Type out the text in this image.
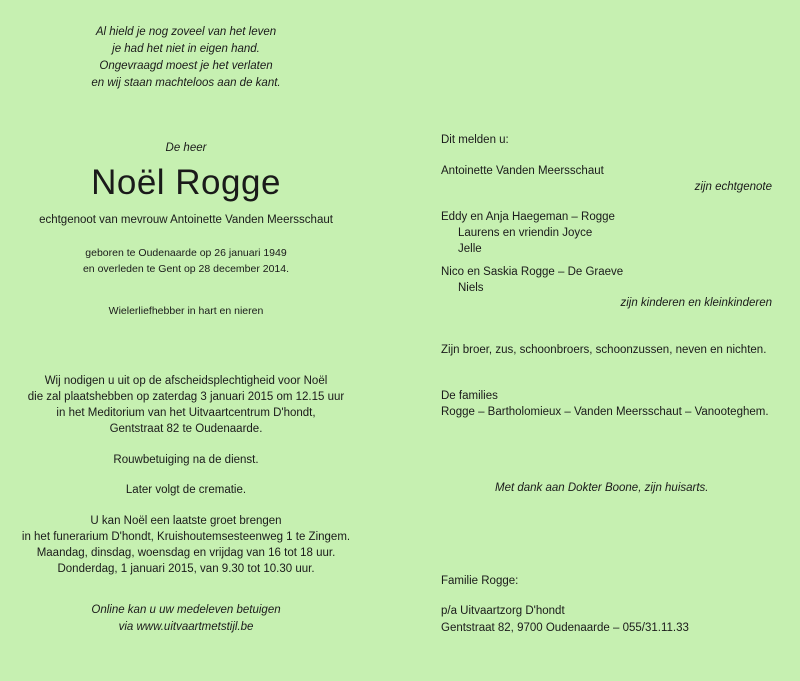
Al hield je nog zoveel van het leven
je had het niet in eigen hand.
Ongevraagd moest je het verlaten
en wij staan machteloos aan de kant.
De heer
Noël Rogge
echtgenoot van mevrouw Antoinette Vanden Meersschaut
geboren te Oudenaarde op 26 januari 1949
en overleden te Gent op 28 december 2014.
Wielerliefhebber in hart en nieren
Wij nodigen u uit op de afscheidsplechtigheid voor Noël
die zal plaatshebben op zaterdag 3 januari 2015 om 12.15 uur
in het Meditorium van het Uitvaartcentrum D'hondt,
Gentstraat 82 te Oudenaarde.
Rouwbetuiging na de dienst.
Later volgt de crematie.
U kan Noël een laatste groet brengen
in het funerarium D'hondt, Kruishoutemsesteenweg 1 te Zingem.
Maandag, dinsdag, woensdag en vrijdag van 16 tot 18 uur.
Donderdag, 1 januari 2015, van 9.30 tot 10.30 uur.
Online kan u uw medeleven betuigen
via www.uitvaartmetstijl.be
Dit melden u:
Antoinette Vanden Meersschaut
zijn echtgenote
Eddy en Anja Haegeman – Rogge
Laurens en vriendin Joyce
Jelle
Nico en Saskia Rogge – De Graeve
Niels
zijn kinderen en kleinkinderen
Zijn broer, zus, schoonbroers, schoonzussen, neven en nichten.
De families
Rogge – Bartholomieux – Vanden Meersschaut – Vanooteghem.
Met dank aan Dokter Boone, zijn huisarts.
Familie Rogge:
p/a Uitvaartzorg D'hondt
Gentstraat 82, 9700 Oudenaarde – 055/31.11.33
